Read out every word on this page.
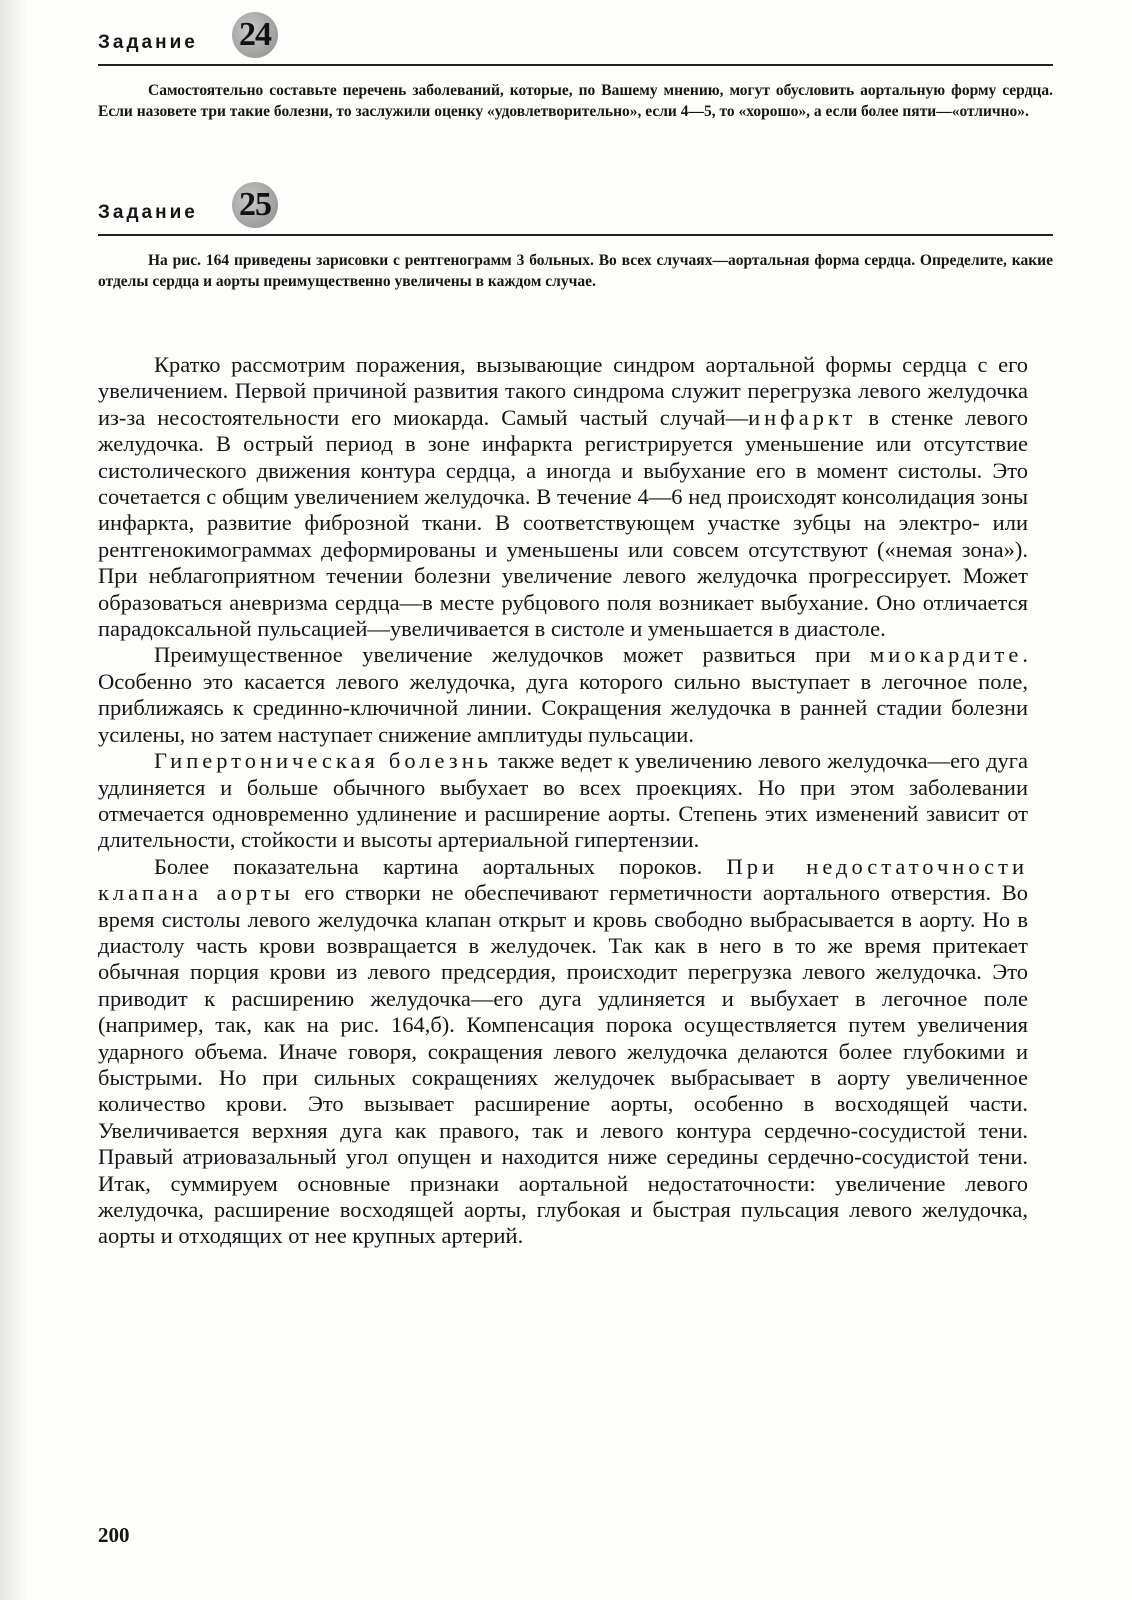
Задание 24

Самостоятельно составьте перечень заболеваний, которые, по Вашему мнению, могут обусловить аортальную форму сердца. Если назовете три такие болезни, то заслужили оценку «удовлетворительно», если 4—5, то «хорошо», а если более пяти—«отлично».

Задание 25

На рис. 164 приведены зарисовки с рентгенограмм 3 больных. Во всех случаях—аортальная форма сердца. Определите, какие отделы сердца и аорты преимущественно увеличены в каждом случае.

Кратко рассмотрим поражения, вызывающие синдром аортальной формы сердца с его увеличением. Первой причиной развития такого синдрома служит перегрузка левого желудочка из-за несостоятельности его миокарда. Самый частый случай—инфаркт в стенке левого желудочка. В острый период в зоне инфаркта регистрируется уменьшение или отсутствие систолического движения контура сердца, а иногда и выбухание его в момент систолы. Это сочетается с общим увеличением желудочка. В течение 4—6 нед происходят консолидация зоны инфаркта, развитие фиброзной ткани. В соответствующем участке зубцы на электро- или рентгенокимограммах деформированы и уменьшены или совсем отсутствуют («немая зона»). При неблагоприятном течении болезни увеличение левого желудочка прогрессирует. Может образоваться аневризма сердца—в месте рубцового поля возникает выбухание. Оно отличается парадоксальной пульсацией—увеличивается в систоле и уменьшается в диастоле.

Преимущественное увеличение желудочков может развиться при миокардите. Особенно это касается левого желудочка, дуга которого сильно выступает в легочное поле, приближаясь к срединно-ключичной линии. Сокращения желудочка в ранней стадии болезни усилены, но затем наступает снижение амплитуды пульсации.

Гипертоническая болезнь также ведет к увеличению левого желудочка—его дуга удлиняется и больше обычного выбухает во всех проекциях. Но при этом заболевании отмечается одновременно удлинение и расширение аорты. Степень этих изменений зависит от длительности, стойкости и высоты артериальной гипертензии.

Более показательна картина аортальных пороков. При недостаточности клапана аорты его створки не обеспечивают герметичности аортального отверстия. Во время систолы левого желудочка клапан открыт и кровь свободно выбрасывается в аорту. Но в диастолу часть крови возвращается в желудочек. Так как в него в то же время притекает обычная порция крови из левого предсердия, происходит перегрузка левого желудочка. Это приводит к расширению желудочка—его дуга удлиняется и выбухает в легочное поле (например, так, как на рис. 164,б). Компенсация порока осуществляется путем увеличения ударного объема. Иначе говоря, сокращения левого желудочка делаются более глубокими и быстрыми. Но при сильных сокращениях желудочек выбрасывает в аорту увеличенное количество крови. Это вызывает расширение аорты, особенно в восходящей части. Увеличивается верхняя дуга как правого, так и левого контура сердечно-сосудистой тени. Правый атриовазальный угол опущен и находится ниже середины сердечно-сосудистой тени. Итак, суммируем основные признаки аортальной недостаточности: увеличение левого желудочка, расширение восходящей аорты, глубокая и быстрая пульсация левого желудочка, аорты и отходящих от нее крупных артерий.

200
